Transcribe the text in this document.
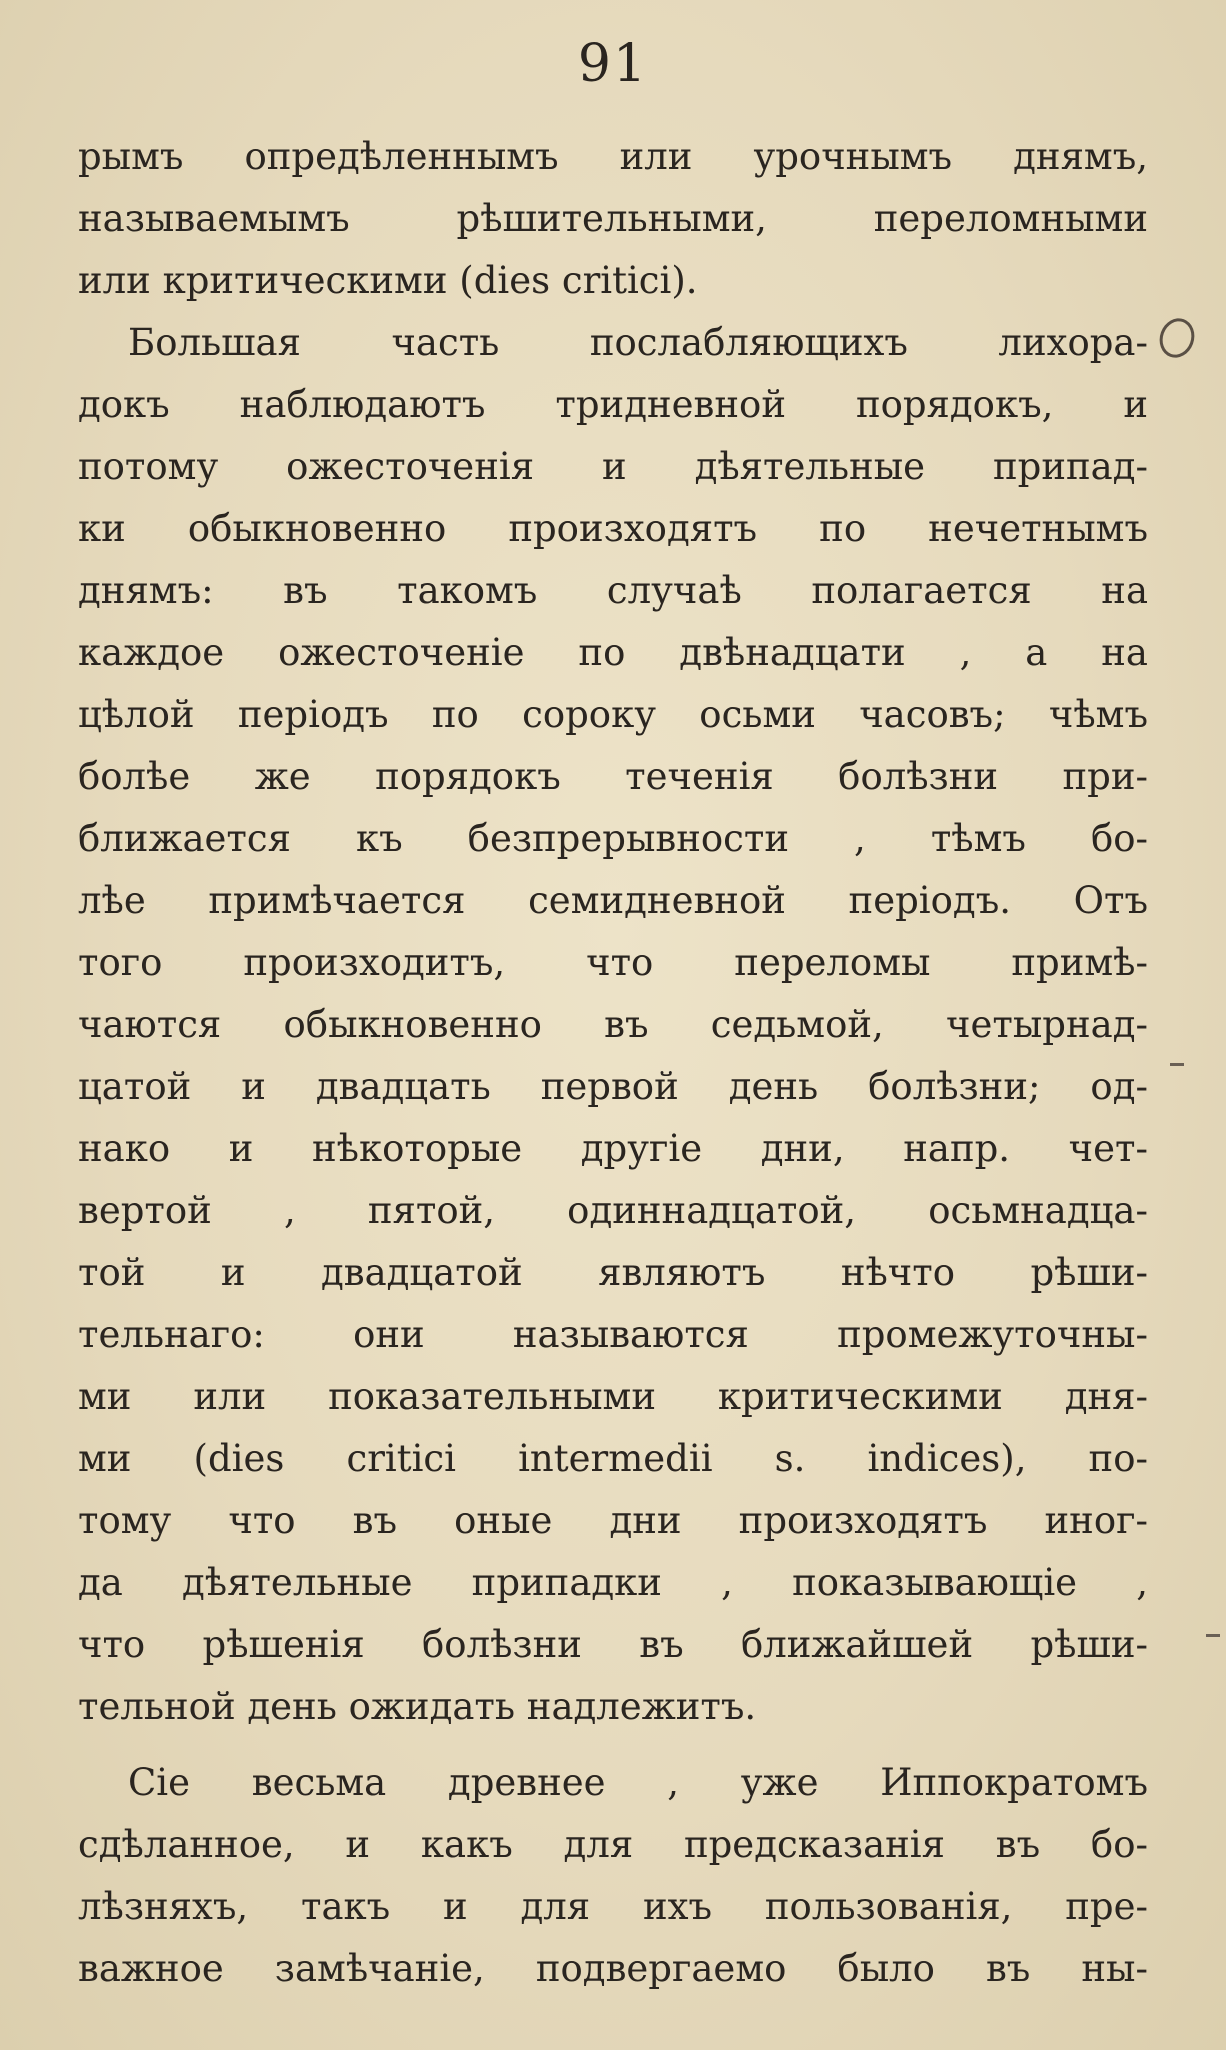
91
рымъ опредѣленнымъ или урочнымъ днямъ,
называемымъ рѣшительными, переломными
или критическими (dies critici).
Большая часть послабляющихъ лихора-
докъ наблюдаютъ тридневной порядокъ, и
потому ожесточенія и дѣятельные припад-
ки обыкновенно произходятъ по нечетнымъ
днямъ: въ такомъ случаѣ полагается на
каждое ожесточеніе по двѣнадцати , а на
цѣлой періодъ по сороку осьми часовъ; чѣмъ
болѣе же порядокъ теченія болѣзни при-
ближается къ безпрерывности , тѣмъ бо-
лѣе примѣчается семидневной періодъ. Отъ
того произходитъ, что переломы примѣ-
чаются обыкновенно въ седьмой, четырнад-
цатой и двадцать первой день болѣзни; од-
нако и нѣкоторые другіе дни, напр. чет-
вертой , пятой, одиннадцатой, осьмнадца-
той и двадцатой являютъ нѣчто рѣши-
тельнаго: они называются промежуточны-
ми или показательными критическими дня-
ми (dies critici intermedii s. indices), по-
тому что въ оные дни произходятъ иног-
да дѣятельные припадки , показывающіе ,
что рѣшенія болѣзни въ ближайшей рѣши-
тельной день ожидать надлежитъ.
Сіе весьма древнее , уже Иппократомъ
сдѣланное, и какъ для предсказанія въ бо-
лѣзняхъ, такъ и для ихъ пользованія, пре-
важное замѣчаніе, подвергаемо было въ ны-
